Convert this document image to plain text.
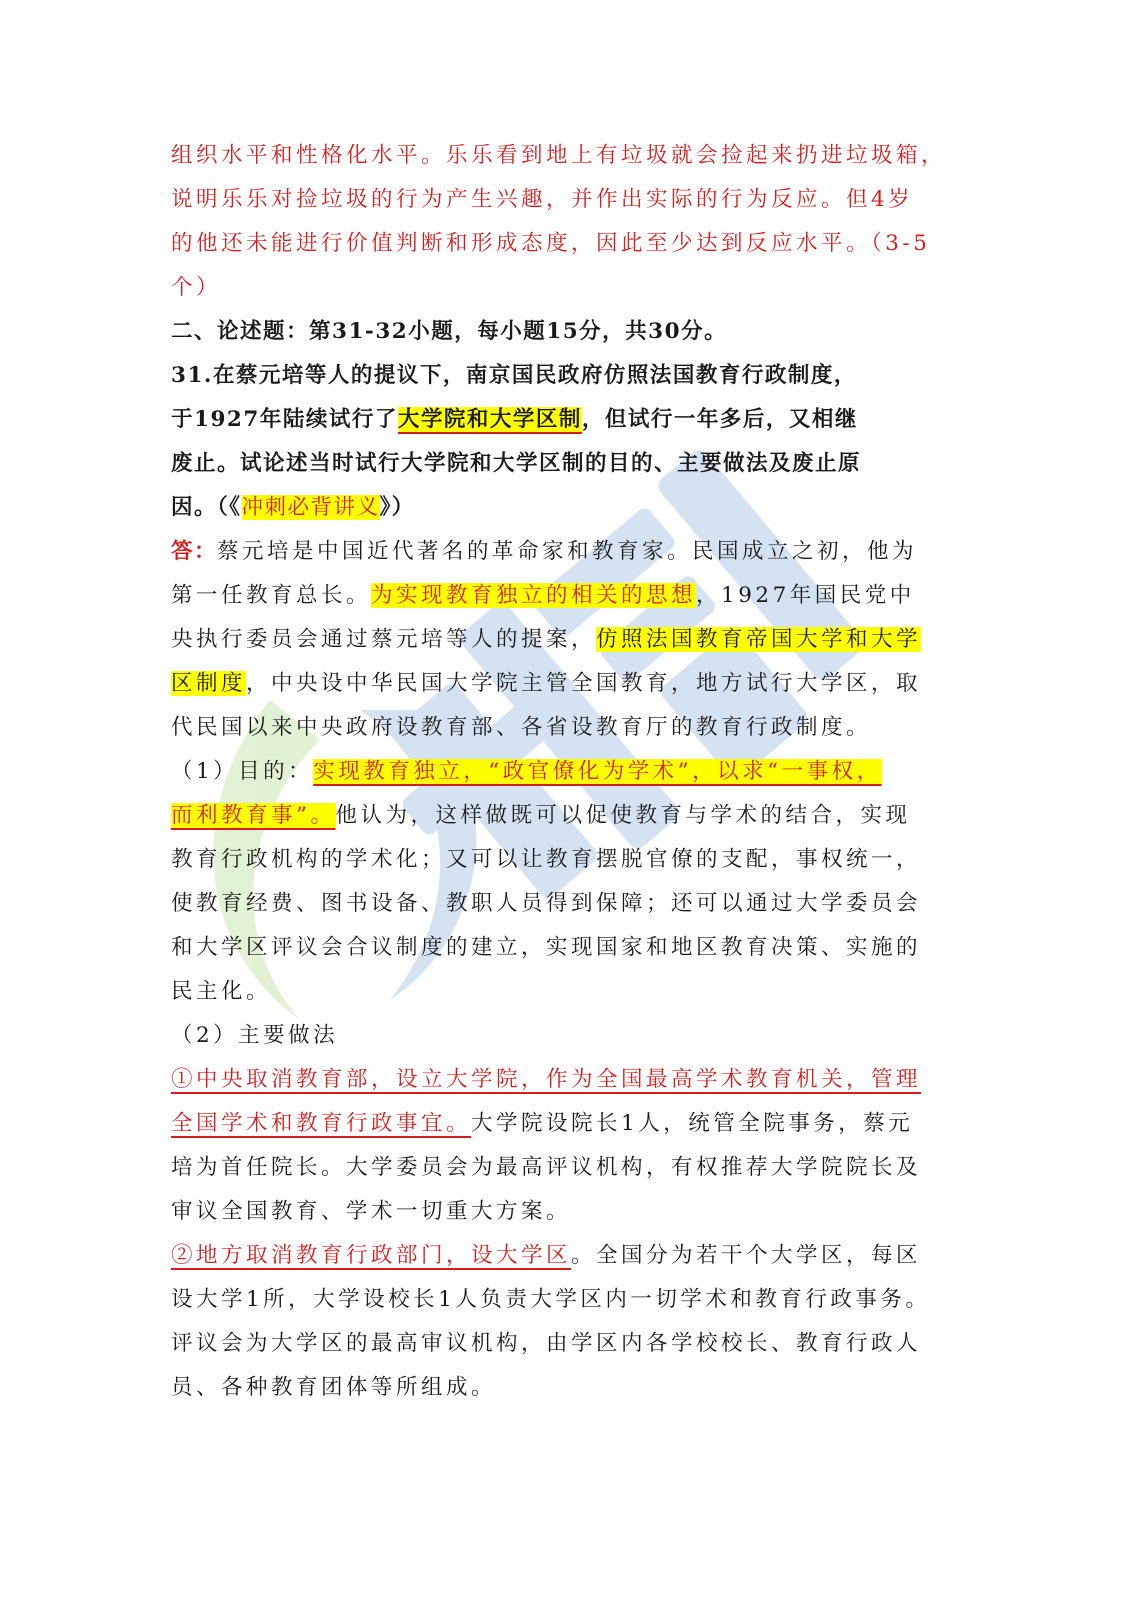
组织水平和性格化水平。乐乐看到地上有垃圾就会捡起来扔进垃圾箱，

说明乐乐对捡垃圾的行为产生兴趣，并作出实际的行为反应。但4岁

的他还未能进行价值判断和形成态度，因此至少达到反应水平。（3-5

个）

二、论述题：第31-32小题，每小题15分，共30分。

31.在蔡元培等人的提议下，南京国民政府仿照法国教育行政制度，

于1927年陆续试行了大学院和大学区制，但试行一年多后，又相继

废止。试论述当时试行大学院和大学区制的目的、主要做法及废止原

因。（《冲刺必背讲义》）

答：蔡元培是中国近代著名的革命家和教育家。民国成立之初，他为

第一任教育总长。为实现教育独立的相关的思想，1927年国民党中

央执行委员会通过蔡元培等人的提案，仿照法国教育帝国大学和大学

区制度，中央设中华民国大学院主管全国教育，地方试行大学区，取

代民国以来中央政府设教育部、各省设教育厅的教育行政制度。

（1）目的：实现教育独立，“政官僚化为学术”，以求“一事权，

而利教育事”。他认为，这样做既可以促使教育与学术的结合，实现

教育行政机构的学术化；又可以让教育摆脱官僚的支配，事权统一，

使教育经费、图书设备、教职人员得到保障；还可以通过大学委员会

和大学区评议会合议制度的建立，实现国家和地区教育决策、实施的

民主化。

（2）主要做法

①中央取消教育部，设立大学院，作为全国最高学术教育机关，管理

全国学术和教育行政事宜。大学院设院长1人，统管全院事务，蔡元

培为首任院长。大学委员会为最高评议机构，有权推荐大学院院长及

审议全国教育、学术一切重大方案。

②地方取消教育行政部门，设大学区。全国分为若干个大学区，每区

设大学1所，大学设校长1人负责大学区内一切学术和教育行政事务。

评议会为大学区的最高审议机构，由学区内各学校校长、教育行政人

员、各种教育团体等所组成。
